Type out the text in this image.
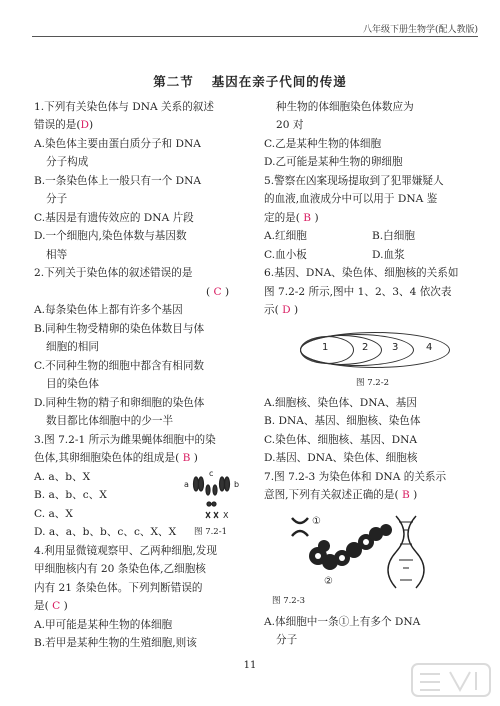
八年级下册生物学(配人教版)
第二节 基因在亲子代间的传递
1.下列有关染色体与 DNA 关系的叙述
错误的是(D)
A.染色体主要由蛋白质分子和 DNA
分子构成
B.一条染色体上一般只有一个 DNA
分子
C.基因是有遗传效应的 DNA 片段
D.一个细胞内,染色体数与基因数
相等
2.下列关于染色体的叙述错误的是
( C )
A.每条染色体上都有许多个基因
B.同种生物受精卵的染色体数目与体
细胞的相同
C.不同种生物的细胞中都含有相同数
目的染色体
D.同种生物的精子和卵细胞的染色体
数目都比体细胞中的少一半
3.图 7.2-1 所示为雌果蝇体细胞中的染
色体,其卵细胞染色体的组成是( B )
A. a、b、X
B. a、b、c、X
C. a、X
D. a、a、b、b、c、c、X、X
a	b
c
X
图 7.2-1
4.利用显微镜观察甲、乙两种细胞,发现
甲细胞核内有 20 条染色体,乙细胞核
内有 21 条染色体。下列判断错误的
是( C )
A.甲可能是某种生物的体细胞
B.若甲是某种生物的生殖细胞,则该
种生物的体细胞染色体数应为
20 对
C.乙是某种生物的体细胞
D.乙可能是某种生物的卵细胞
5.警察在凶案现场提取到了犯罪嫌疑人
的血液,血液成分中可以用于 DNA 鉴
定的是( B )
A.红细胞	B.白细胞
C.血小板	D.血浆
6.基因、DNA、染色体、细胞核的关系如
图 7.2-2 所示,图中 1、2、3、4 依次表
示( D )
1	2 3	4
图 7.2-2
A.细胞核、染色体、DNA、基因
B. DNA、基因、细胞核、染色体
C.染色体、细胞核、基因、DNA
D.基因、DNA、染色体、细胞核
7.图 7.2-3 为染色体和 DNA 的关系示
意图,下列有关叙述正确的是( B )
①
②
图 7.2-3
A.体细胞中一条①上有多个 DNA
分子
11
